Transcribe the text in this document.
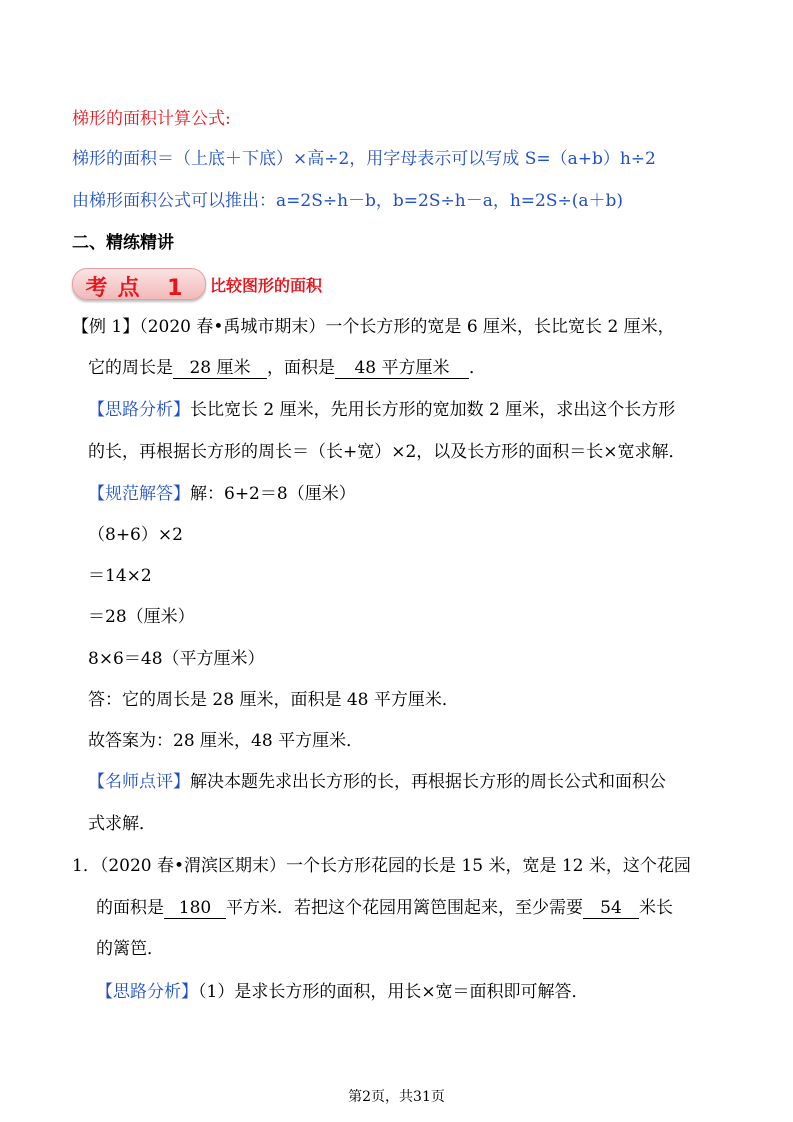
梯形的面积计算公式:
梯形的面积＝（上底＋下底）×高÷2，用字母表示可以写成 S=（a+b）h÷2
由梯形面积公式可以推出：a=2S÷h－b，b=2S÷h－a，h=2S÷(a＋b)
二、精练精讲
考点 1	比较图形的面积
【例 1】（2020 春•禹城市期末）一个长方形的宽是 6 厘米，长比宽长 2 厘米，
它的周长是 28 厘米 ，面积是 48 平方厘米 ．
【思路分析】长比宽长 2 厘米，先用长方形的宽加数 2 厘米，求出这个长方形
的长，再根据长方形的周长＝（长+宽）×2，以及长方形的面积＝长×宽求解．
【规范解答】解：6+2＝8（厘米）
（8+6）×2
＝14×2
＝28（厘米）
8×6＝48（平方厘米）
答：它的周长是 28 厘米，面积是 48 平方厘米．
故答案为：28 厘米，48 平方厘米．
【名师点评】解决本题先求出长方形的长，再根据长方形的周长公式和面积公
式求解．
1．（2020 春•渭滨区期末）一个长方形花园的长是 15 米，宽是 12 米，这个花园
的面积是 180 平方米．若把这个花园用篱笆围起来，至少需要 54 米长
的篱笆．
【思路分析】（1）是求长方形的面积，用长×宽＝面积即可解答．
第2页，共31页
